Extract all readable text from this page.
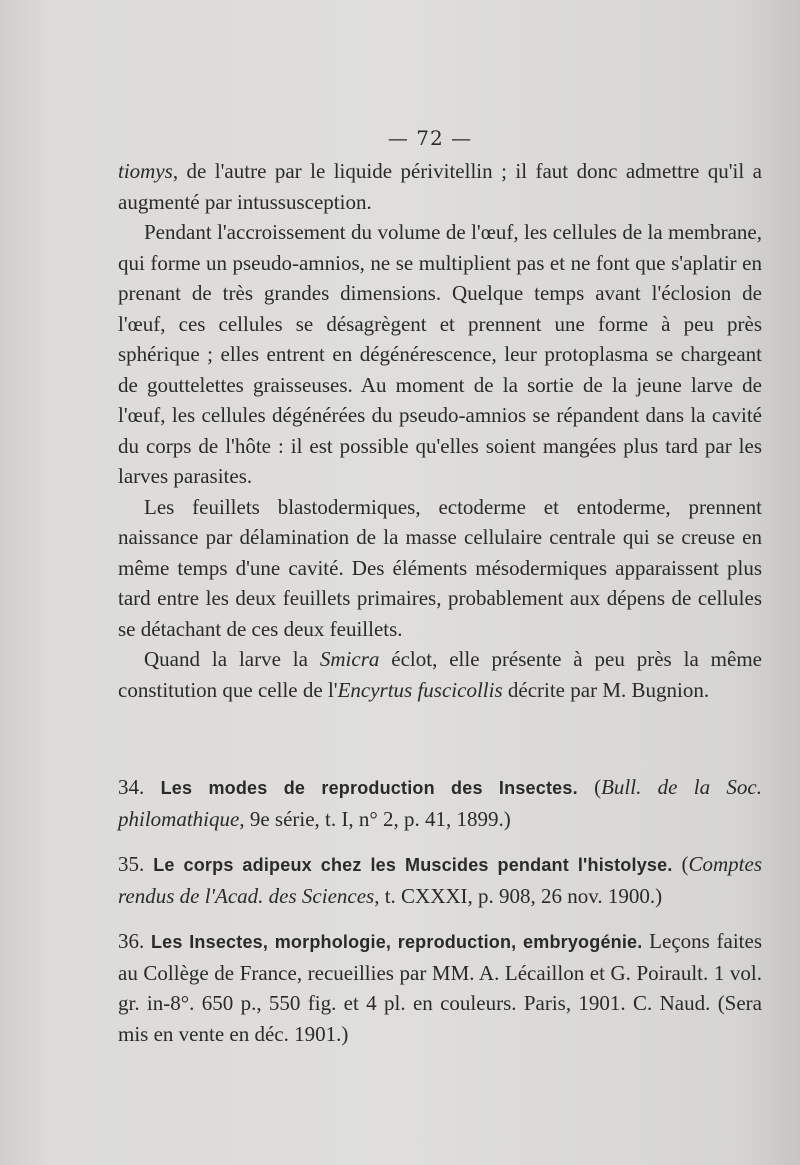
— 72 —

tiomys, de l'autre par le liquide périvitellin ; il faut donc admettre qu'il a augmenté par intussusception.

Pendant l'accroissement du volume de l'œuf, les cellules de la membrane, qui forme un pseudo-amnios, ne se multiplient pas et ne font que s'aplatir en prenant de très grandes dimensions. Quelque temps avant l'éclosion de l'œuf, ces cellules se désagrègent et prennent une forme à peu près sphérique ; elles entrent en dégénérescence, leur protoplasma se chargeant de gouttelettes graisseuses. Au moment de la sortie de la jeune larve de l'œuf, les cellules dégénérées du pseudo-amnios se répandent dans la cavité du corps de l'hôte : il est possible qu'elles soient mangées plus tard par les larves parasites.

Les feuillets blastodermiques, ectoderme et entoderme, prennent naissance par délamination de la masse cellulaire centrale qui se creuse en même temps d'une cavité. Des éléments mésodermiques apparaissent plus tard entre les deux feuillets primaires, probablement aux dépens de cellules se détachant de ces deux feuillets.

Quand la larve la Smicra éclot, elle présente à peu près la même constitution que celle de l'Encyrtus fuscicollis décrite par M. Bugnion.

34. Les modes de reproduction des Insectes. (Bull. de la Soc. philomathique, 9e série, t. I, n° 2, p. 41, 1899.)

35. Le corps adipeux chez les Muscides pendant l'histolyse. (Comptes rendus de l'Acad. des Sciences, t. CXXXI, p. 908, 26 nov. 1900.)

36. Les Insectes, morphologie, reproduction, embryogénie. Leçons faites au Collège de France, recueillies par MM. A. Lécaillon et G. Poirault. 1 vol. gr. in-8°. 650 p., 550 fig. et 4 pl. en couleurs. Paris, 1901. C. Naud. (Sera mis en vente en déc. 1901.)
